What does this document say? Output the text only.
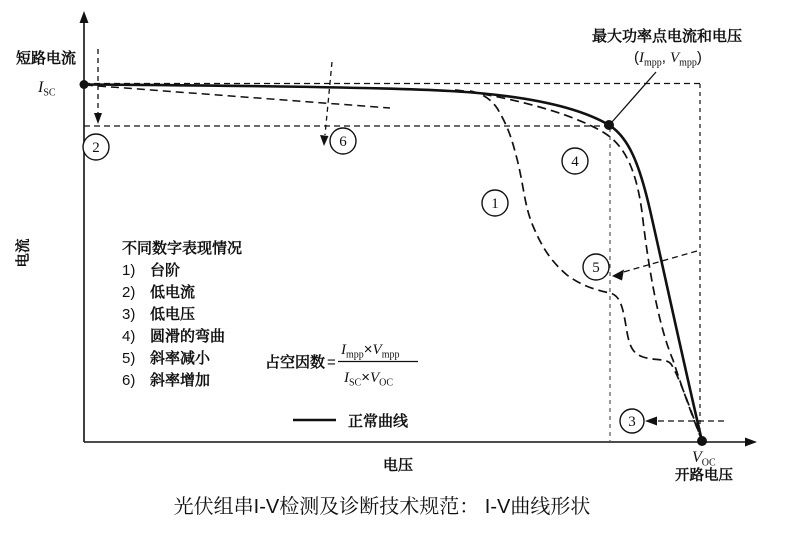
1
2
3
4
5
6
短路电流
$I_{SC}$
最大功率点电流和电压
($I_{mpp}$, $V_{mpp}$)
$V_{OC}$
开路电压
电流
电压
不同数字表现情况
1) 台阶
2) 低电流
3) 低电压
4) 圆滑的弯曲
5) 斜率减小
6) 斜率增加
占空因数 =
$I_{mpp}\times V_{mpp}$
$I_{SC}\times V_{OC}$
正常曲线
光伏组串I-V检测及诊断技术规范： I-V曲线形状
